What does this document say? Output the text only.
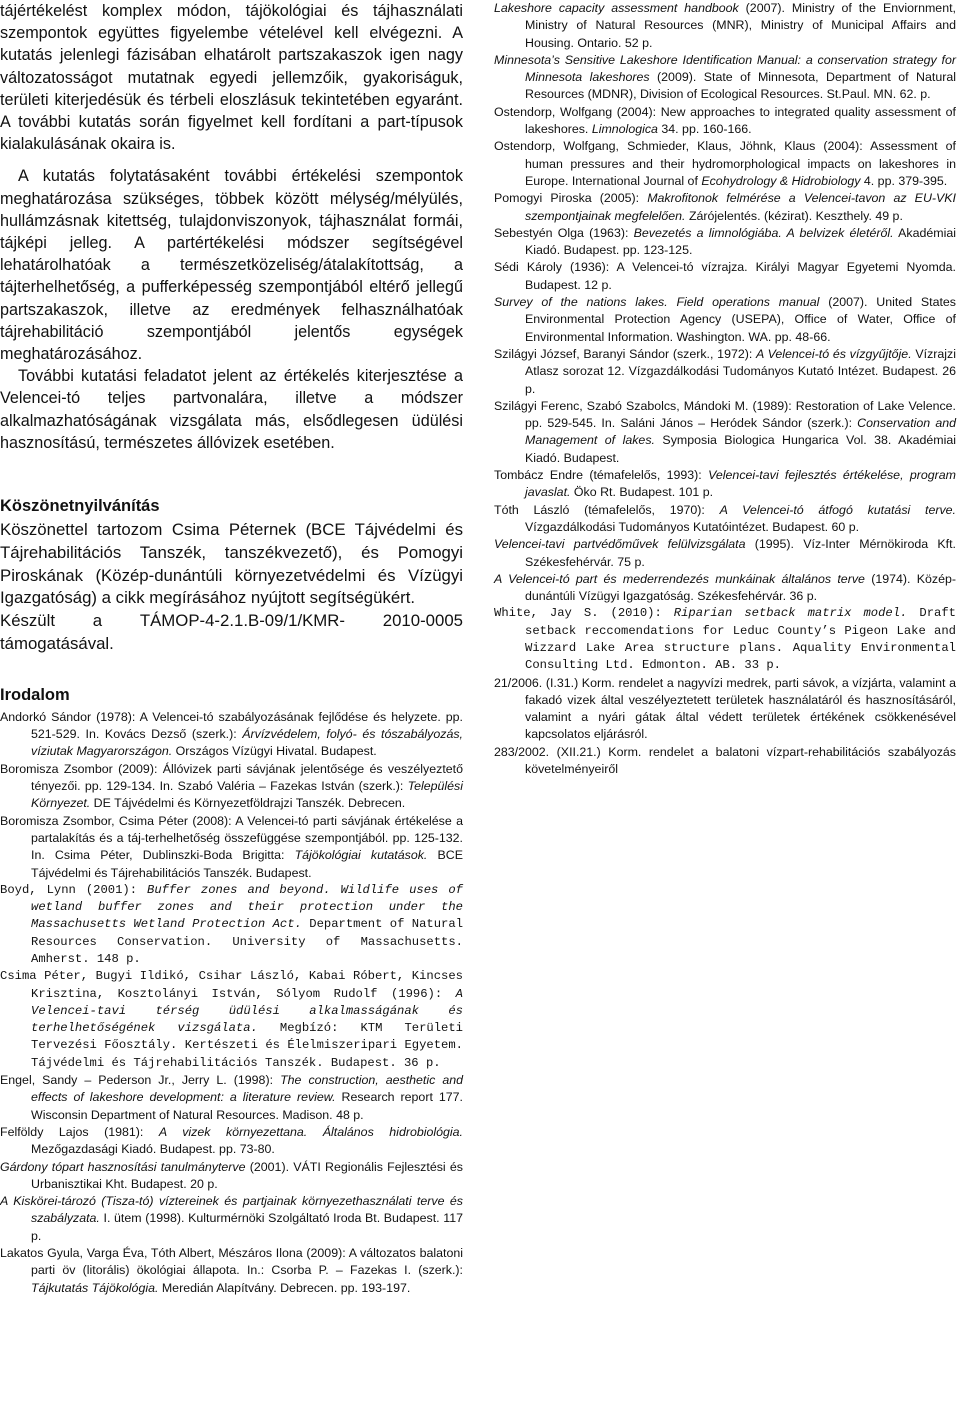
tájértékelést komplex módon, tájökológiai és tájhasználati szempontok együttes figyelembe vételével kell elvégezni. A kutatás jelenlegi fázisában elhatárolt partszakaszok igen nagy változatosságot mutatnak egyedi jellemzőik, gyakoriságuk, területi kiterjedésük és térbeli eloszlásuk tekintetében egyaránt. A további kutatás során figyelmet kell fordítani a part-típusok kialakulásának okaira is.

A kutatás folytatásaként további értékelési szempontok meghatározása szükséges, többek között mélység/mélyülés, hullámzásnak kitettség, tulajdonviszonyok, tájhasználat formái, tájképi jelleg. A partértékelési módszer segítségével lehatárolhatóak a természetközeliség/átalakítottság, a tájterhelhetőség, a pufferképesség szempontjából eltérő jellegű partszakaszok, illetve az eredmények felhasználhatóak tájrehabilitáció szempontjából jelentős egységek meghatározásához.

További kutatási feladatot jelent az értékelés kiterjesztése a Velencei-tó teljes partvonalára, illetve a módszer alkalmazhatóságának vizsgálata más, elsődlegesen üdülési hasznosítású, természetes állóvizek esetében.

Köszönetnyilvánítás

Köszönettel tartozom Csima Péternek (BCE Tájvédelmi és Tájrehabilitációs Tanszék, tanszékvezető), és Pomogyi Piroskának (Közép-dunántúli környezetvédelmi és Vízügyi Igazgatóság) a cikk megírásához nyújtott segítségükért.

Készült a TÁMOP-4-2.1.B-09/1/KMR- 2010-0005
támogatásával.
Irodalom

Andorkó Sándor (1978): A Velencei-tó szabályozásának fejlődése és helyzete. pp. 521-529. In. Kovács Dezső (szerk.): Árvízvédelem, folyó- és tószabályozás, víziutak Magyarországon. Országos Vízügyi Hivatal. Budapest.

Boromisza Zsombor (2009): Állóvizek parti sávjának jelentősége és veszélyeztető tényezői. pp. 129-134. In. Szabó Valéria – Fazekas István (szerk.): Települési Környezet. DE Tájvédelmi és Környezetföldrajzi Tanszék. Debrecen.

Boromisza Zsombor, Csima Péter (2008): A Velencei-tó parti sávjának értékelése a partalakítás és a táj-terhelhetőség összefüggése szempontjából. pp. 125-132. In. Csima Péter, Dublinszki-Boda Brigitta: Tájökológiai kutatások. BCE Tájvédelmi és Tájrehabilitációs Tanszék. Budapest.

Boyd, Lynn (2001): Buffer zones and beyond. Wildlife uses of wetland buffer zones and their protection under the Massachusetts Wetland Protection Act. Department of Natural Resources Conservation. University of Massachusetts. Amherst. 148 p.

Csima Péter, Bugyi Ildikó, Csihar László, Kabai Róbert, Kincses Krisztina, Kosztolányi István, Sólyom Rudolf (1996): A Velencei-tavi térség üdülési alkalmasságának és terhelhetőségének vizsgálata. Megbízó: KTM Területi Tervezési Főosztály. Kertészeti és Élelmiszeripari Egyetem. Tájvédelmi és Tájrehabilitációs Tanszék. Budapest. 36 p.

Engel, Sandy – Pederson Jr., Jerry L. (1998): The construction, aesthetic and effects of lakeshore development: a literature review. Research report 177. Wisconsin Department of Natural Resources. Madison. 48 p.

Felföldy Lajos (1981): A vizek környezettana. Általános hidrobiológia. Mezőgazdasági Kiadó. Budapest. pp. 73-80.

Gárdony tópart hasznosítási tanulmányterve (2001). VÁTI Regionális Fejlesztési és Urbanisztikai Kht. Budapest. 20 p.

A Kiskörei-tározó (Tisza-tó) víztereinek és partjainak környezethasználati terve és szabályzata. I. ütem (1998). Kulturmérnöki Szolgáltató Iroda Bt. Budapest. 117 p.

Lakatos Gyula, Varga Éva, Tóth Albert, Mészáros Ilona (2009): A változatos balatoni parti öv (litorális) ökológiai állapota. In.: Csorba P. – Fazekas I. (szerk.): Tájkutatás Tájökológia. Meredián Alapítvány. Debrecen. pp. 193-197.

Lakeshore capacity assessment handbook (2007). Ministry of the Enviornment, Ministry of Natural Resources (MNR), Ministry of Municipal Affairs and Housing. Ontario. 52 p.

Minnesota’s Sensitive Lakeshore Identification Manual: a conservation strategy for Minnesota lakeshores (2009). State of Minnesota, Department of Natural Resources (MDNR), Division of Ecological Resources. St.Paul. MN. 62. p.

Ostendorp, Wolfgang (2004): New approaches to integrated quality assessment of lakeshores. Limnologica 34. pp. 160-166.

Ostendorp, Wolfgang, Schmieder, Klaus, Jöhnk, Klaus (2004): Assessment of human pressures and their hydromorphological impacts on lakeshores in Europe. International Journal of Ecohydrology & Hidrobiology 4. pp. 379-395.

Pomogyi Piroska (2005): Makrofitonok felmérése a Velencei-tavon az EU-VKI szempontjainak megfelelően. Zárójelentés. (kézirat). Keszthely. 49 p.

Sebestyén Olga (1963): Bevezetés a limnológiába. A belvizek életéről. Akadémiai Kiadó. Budapest. pp. 123-125.

Sédi Károly (1936): A Velencei-tó vízrajza. Királyi Magyar Egyetemi Nyomda. Budapest. 12 p.

Survey of the nations lakes. Field operations manual (2007). United States Environmental Protection Agency (USEPA), Office of Water, Office of Environmental Information. Washington. WA. pp. 48-66.

Szilágyi József, Baranyi Sándor (szerk., 1972): A Velencei-tó és vízgyűjtője. Vízrajzi Atlasz sorozat 12. Vízgazdálkodási Tudományos Kutató Intézet. Budapest. 26 p.

Szilágyi Ferenc, Szabó Szabolcs, Mándoki M. (1989): Restoration of Lake Velence. pp. 529-545. In. Saláni János – Heródek Sándor (szerk.): Conservation and Management of lakes. Symposia Biologica Hungarica Vol. 38. Akadémiai Kiadó. Budapest.

Tombácz Endre (témafelelős, 1993): Velencei-tavi fejlesztés értékelése, program javaslat. Öko Rt. Budapest. 101 p.

Tóth László (témafelelős, 1970): A Velencei-tó átfogó kutatási terve. Vízgazdálkodási Tudományos Kutatóintézet. Budapest. 60 p.

Velencei-tavi partvédőművek felülvizsgálata (1995). Víz-Inter Mérnökiroda Kft. Székesfehérvár. 75 p.

A Velencei-tó part és mederrendezés munkáinak általános terve (1974). Közép-dunántúli Vízügyi Igazgatóság. Székesfehérvár. 36 p.

White, Jay S. (2010): Riparian setback matrix model. Draft setback reccomendations for Leduc County’s Pigeon Lake and Wizzard Lake Area structure plans. Aquality Environmental Consulting Ltd. Edmonton. AB. 33 p.

21/2006. (I.31.) Korm. rendelet a nagyvízi medrek, parti sávok, a vízjárta, valamint a fakadó vizek által veszélyeztetett területek használatáról és hasznosításáról, valamint a nyári gátak által védett területek értékének csökkenésével kapcsolatos eljárásról.

283/2002. (XII.21.) Korm. rendelet a balatoni vízpart-rehabilitációs szabályozás követelményeiről
